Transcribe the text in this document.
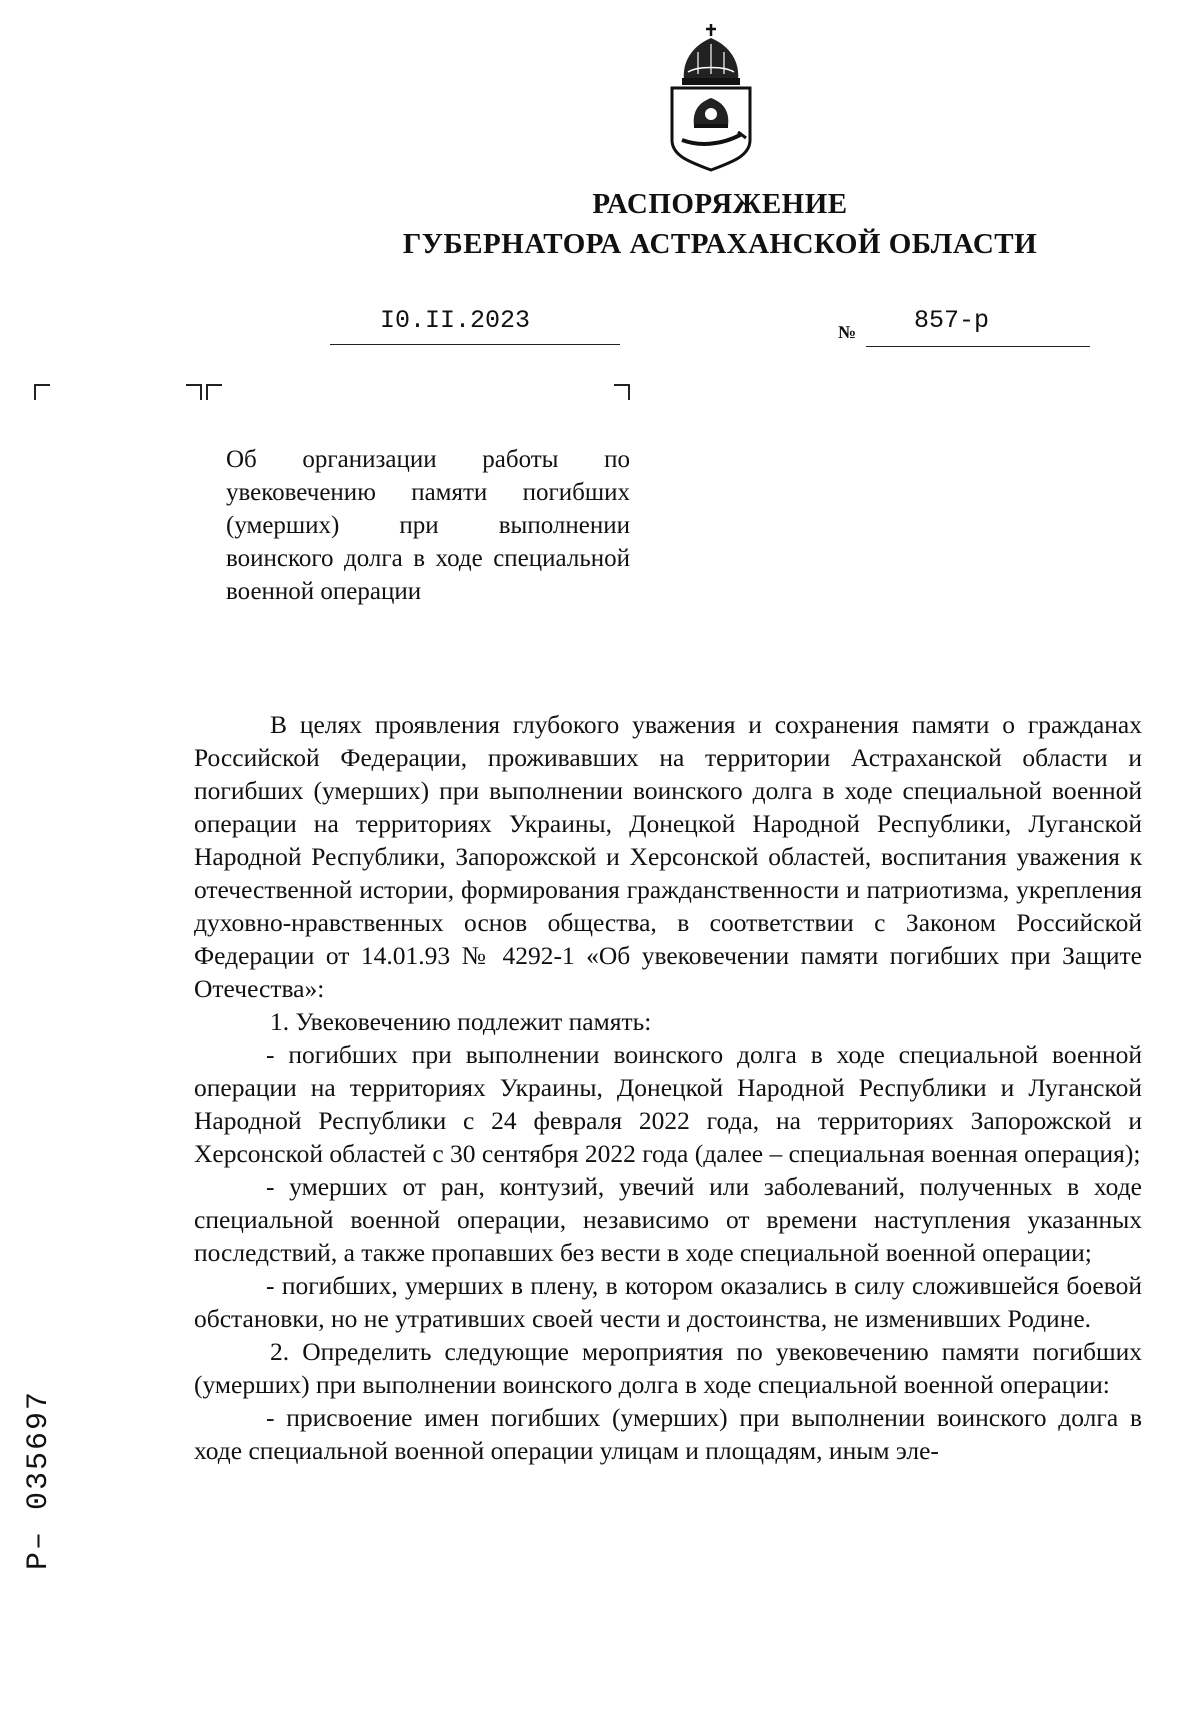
РАСПОРЯЖЕНИЕ
ГУБЕРНАТОРА АСТРАХАНСКОЙ ОБЛАСТИ
I0.II.2023	№ 857-р
Об организации работы по увековечению памяти погибших (умерших) при выполнении воинского долга в ходе специальной военной операции

В целях проявления глубокого уважения и сохранения памяти о гражданах Российской Федерации, проживавших на территории Астраханской области и погибших (умерших) при выполнении воинского долга в ходе специальной военной операции на территориях Украины, Донецкой Народной Республики, Луганской Народной Республики, Запорожской и Херсонской областей, воспитания уважения к отечественной истории, формирования гражданственности и патриотизма, укрепления духовно-нравственных основ общества, в соответствии с Законом Российской Федерации от 14.01.93 № 4292-1 «Об увековечении памяти погибших при Защите Отечества»:

1. Увековечению подлежит память:

- погибших при выполнении воинского долга в ходе специальной военной операции на территориях Украины, Донецкой Народной Республики и Луганской Народной Республики с 24 февраля 2022 года, на территориях Запорожской и Херсонской областей с 30 сентября 2022 года (далее – специальная военная операция);

- умерших от ран, контузий, увечий или заболеваний, полученных в ходе специальной военной операции, независимо от времени наступления указанных последствий, а также пропавших без вести в ходе специальной военной операции;

- погибших, умерших в плену, в котором оказались в силу сложившейся боевой обстановки, но не утративших своей чести и достоинства, не изменивших Родине.

2. Определить следующие мероприятия по увековечению памяти погибших (умерших) при выполнении воинского долга в ходе специальной военной операции:

- присвоение имен погибших (умерших) при выполнении воинского долга в ходе специальной военной операции улицам и площадям, иным эле-

Р– 035697
